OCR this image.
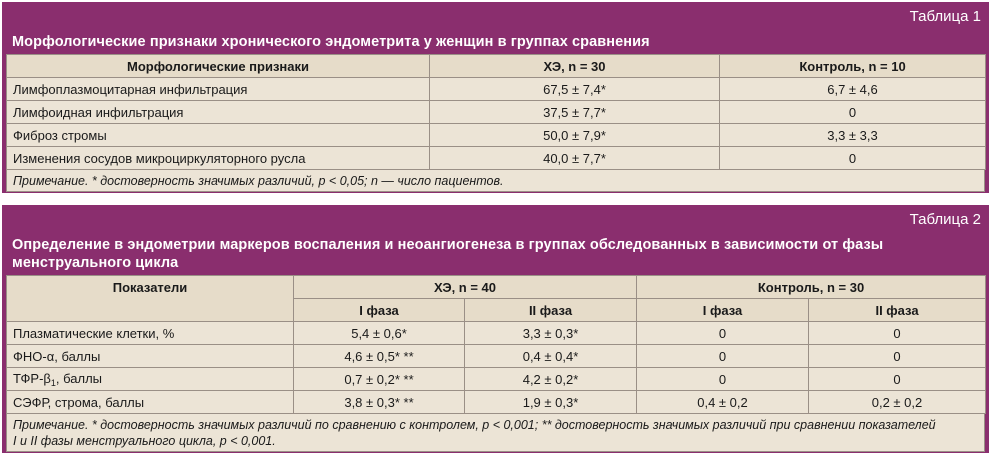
Таблица 1
Морфологические признаки хронического эндометрита у женщин в группах сравнения
Морфологические признаки	ХЭ, n = 30	Контроль, n = 10
Лимфоплазмоцитарная инфильтрация	67,5 ± 7,4*	6,7 ± 4,6
Лимфоидная инфильтрация	37,5 ± 7,7*	0
Фиброз стромы	50,0 ± 7,9*	3,3 ± 3,3
Изменения сосудов микроциркуляторного русла	40,0 ± 7,7*	0
Примечание. * достоверность значимых различий, p < 0,05; n — число пациентов.
Таблица 2
Определение в эндометрии маркеров воспаления и неоангиогенеза в группах обследованных в зависимости от фазы
менструального цикла
Показатели	ХЭ, n = 40		Контроль, n = 30	
	I фаза	II фаза	I фаза	II фаза
Плазматические клетки, %	5,4 ± 0,6*	3,3 ± 0,3*	0	0
ФНО-α, баллы	4,6 ± 0,5* **	0,4 ± 0,4*	0	0
ТФР-$\beta_1$, баллы	0,7 ± 0,2* **	4,2 ± 0,2*	0	0
СЭФР, строма, баллы	3,8 ± 0,3* **	1,9 ± 0,3*	0,4 ± 0,2	0,2 ± 0,2
Примечание. * достоверность значимых различий по сравнению с контролем, p < 0,001; ** достоверность значимых различий при сравнении показателей
I и II фазы менструального цикла, p < 0,001.
